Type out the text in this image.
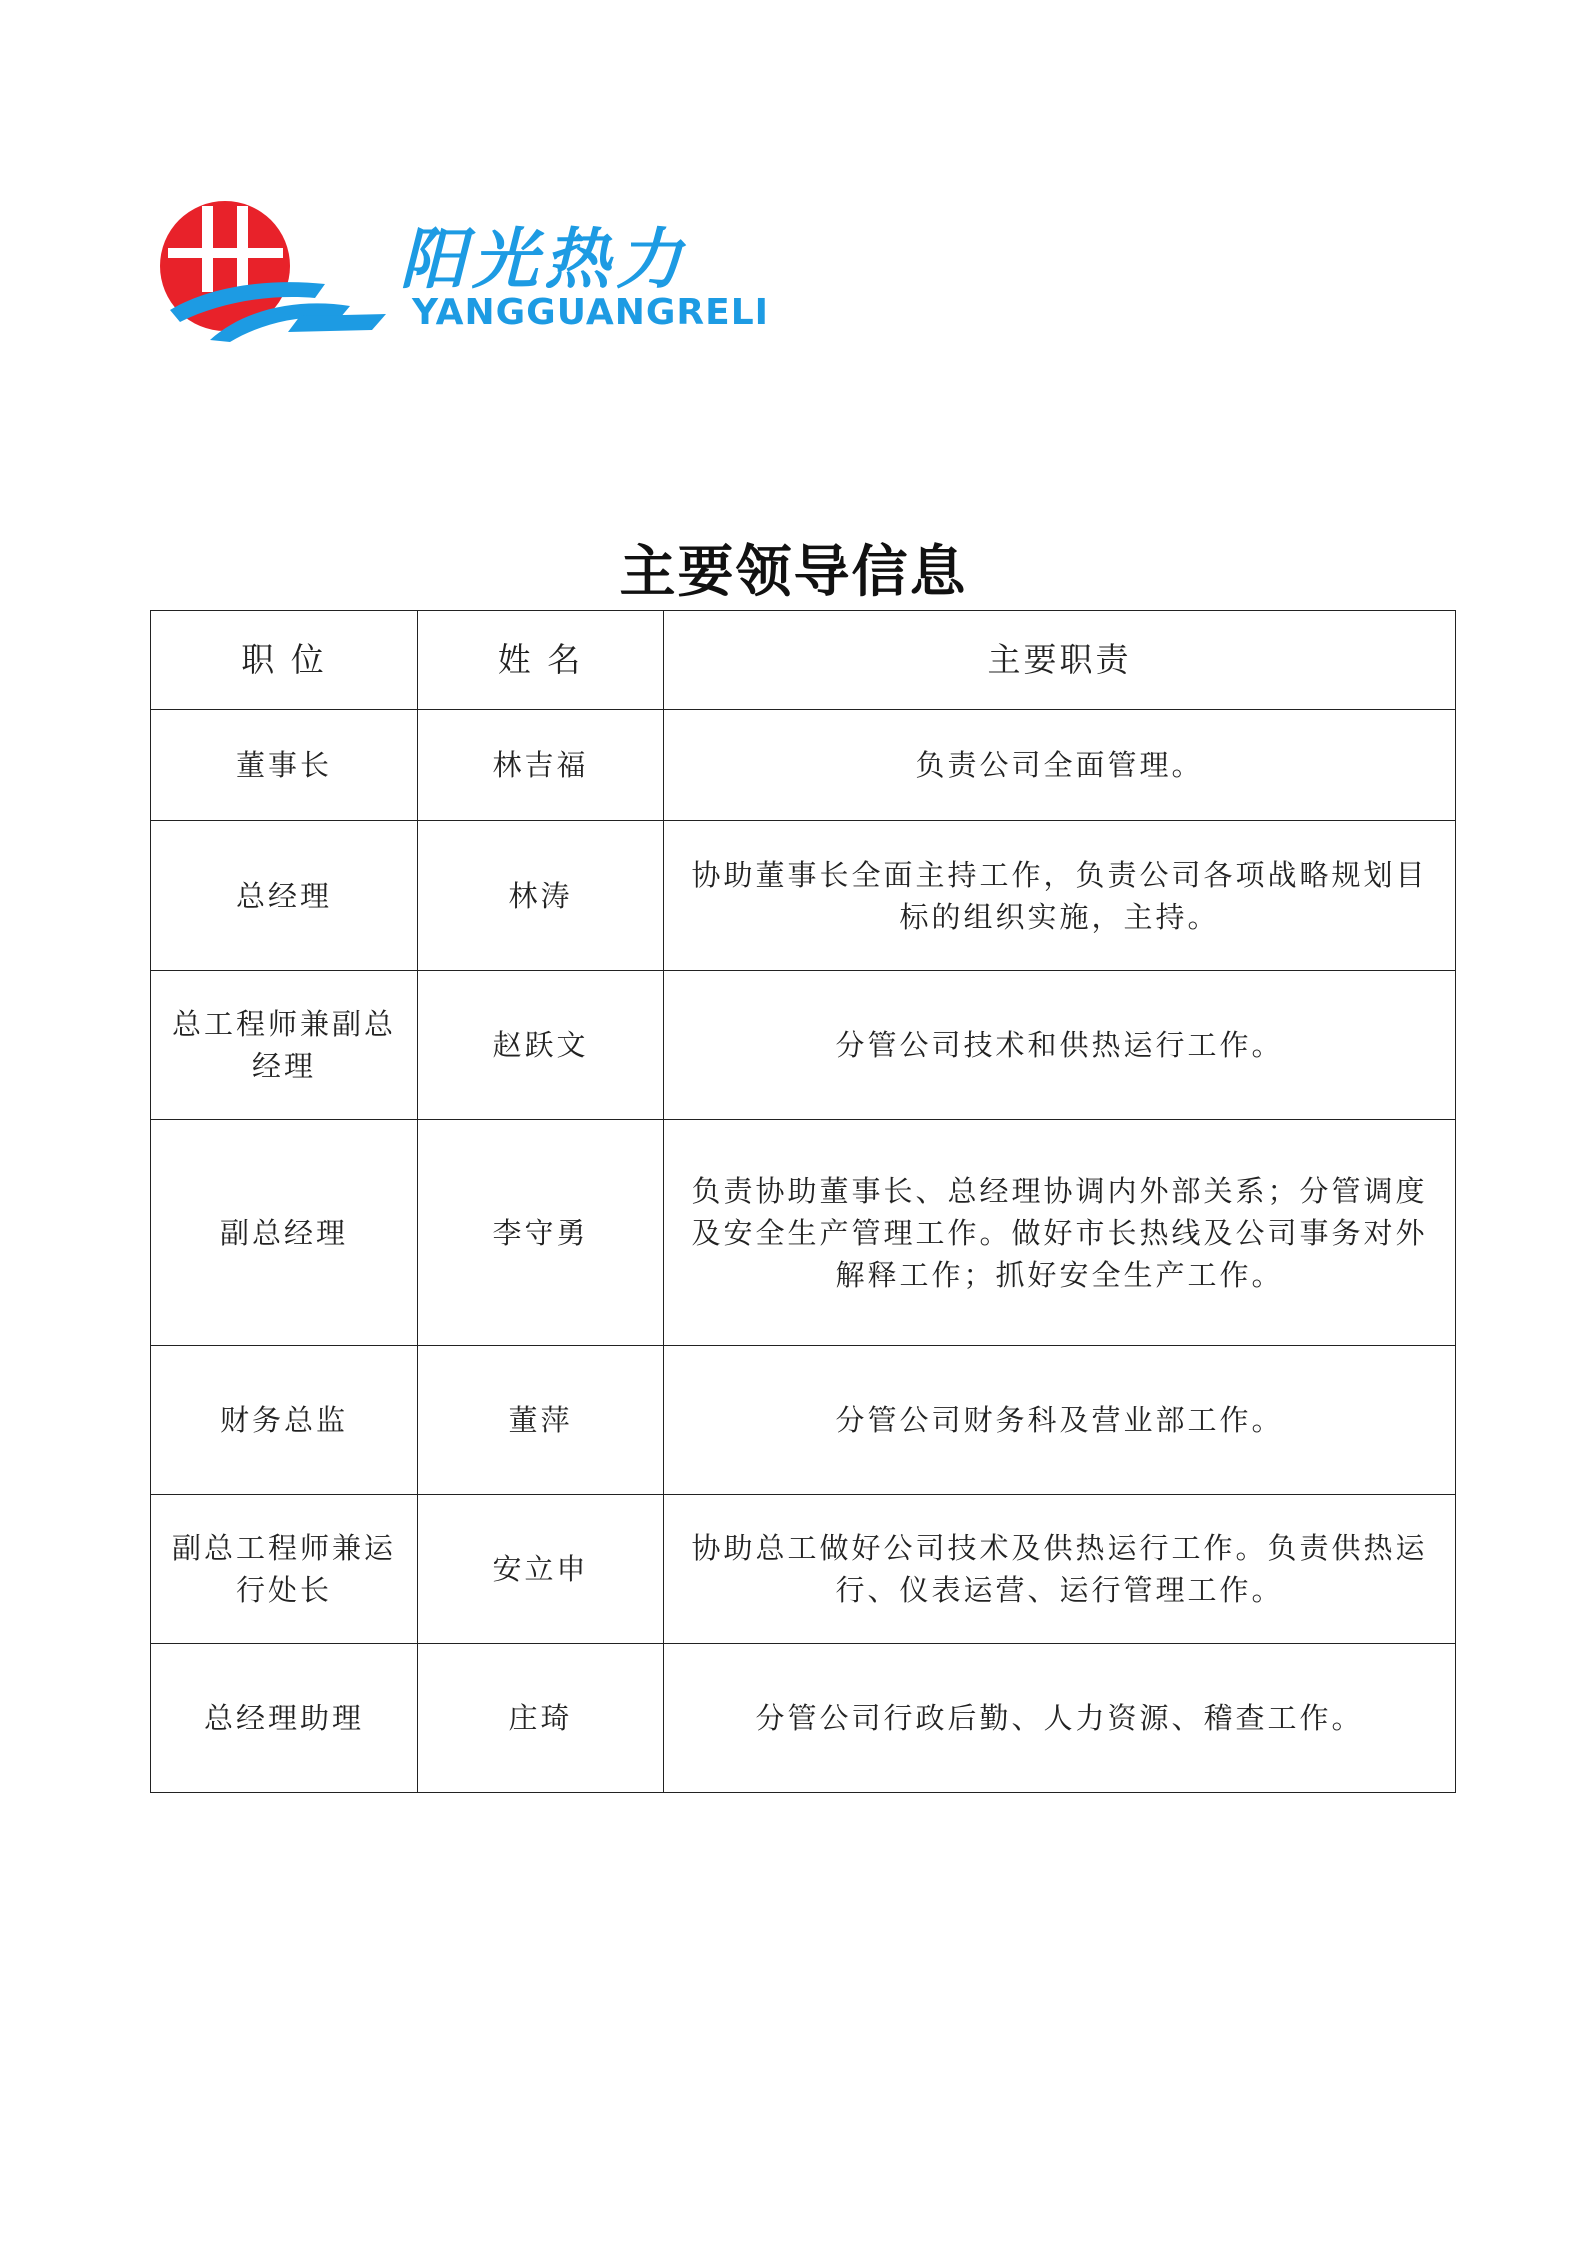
阳光热力
YANGGUANGRELI
主要领导信息
职 位	姓 名	主要职责
董事长	林吉福	负责公司全面管理。
总经理	林涛	协助董事长全面主持工作，负责公司各项战略规划目标的组织实施，主持。
总工程师兼副总经理	赵跃文	分管公司技术和供热运行工作。
副总经理	李守勇	负责协助董事长、总经理协调内外部关系；分管调度及安全生产管理工作。做好市长热线及公司事务对外解释工作；抓好安全生产工作。
财务总监	董萍	分管公司财务科及营业部工作。
副总工程师兼运行处长	安立申	协助总工做好公司技术及供热运行工作。负责供热运行、仪表运营、运行管理工作。
总经理助理	庄琦	分管公司行政后勤、人力资源、稽查工作。
